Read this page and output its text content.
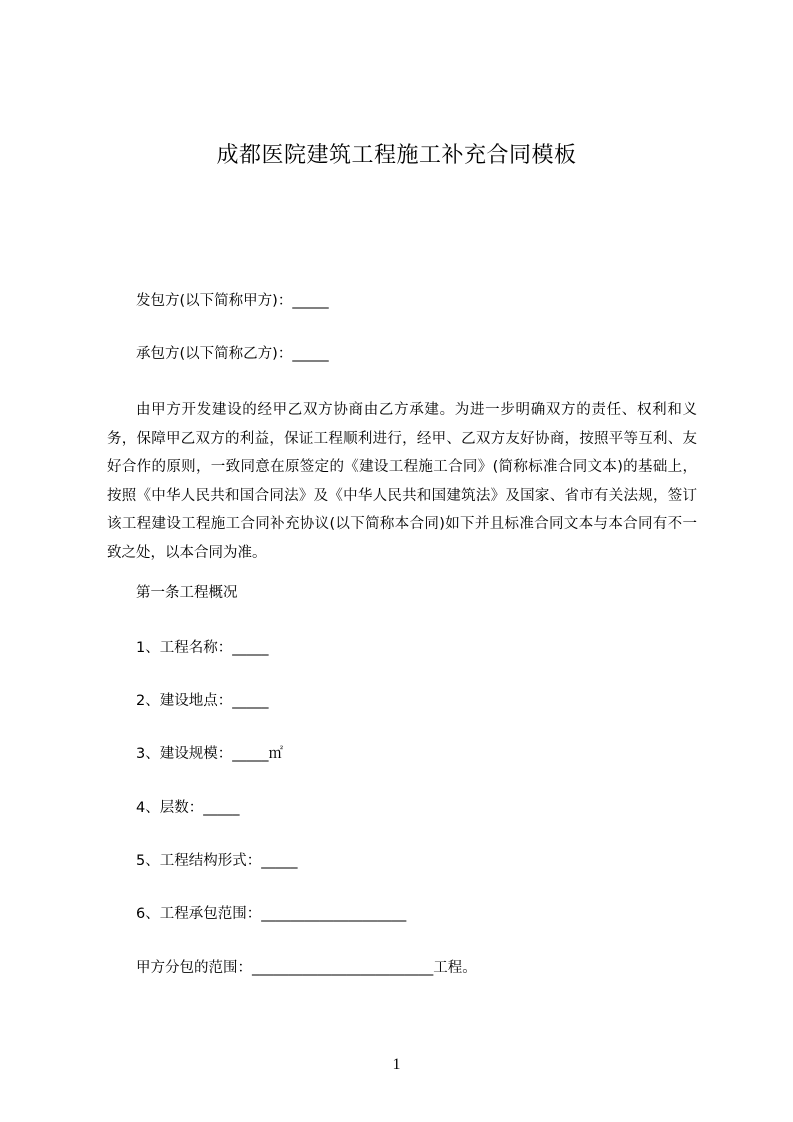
成都医院建筑工程施工补充合同模板
发包方(以下简称甲方)：_____
承包方(以下简称乙方)：_____
由甲方开发建设的经甲乙双方协商由乙方承建。为进一步明确双方的责任、权利和义务，保障甲乙双方的利益，保证工程顺利进行，经甲、乙双方友好协商，按照平等互利、友好合作的原则，一致同意在原签定的《建设工程施工合同》(简称标准合同文本)的基础上，按照《中华人民共和国合同法》及《中华人民共和国建筑法》及国家、省市有关法规，签订该工程建设工程施工合同补充协议(以下简称本合同)如下并且标准合同文本与本合同有不一致之处，以本合同为准。
第一条工程概况
1、工程名称：_____
2、建设地点：_____
3、建设规模：_____㎡
4、层数：_____
5、工程结构形式：_____
6、工程承包范围：____________________
甲方分包的范围：_________________________工程。
1
